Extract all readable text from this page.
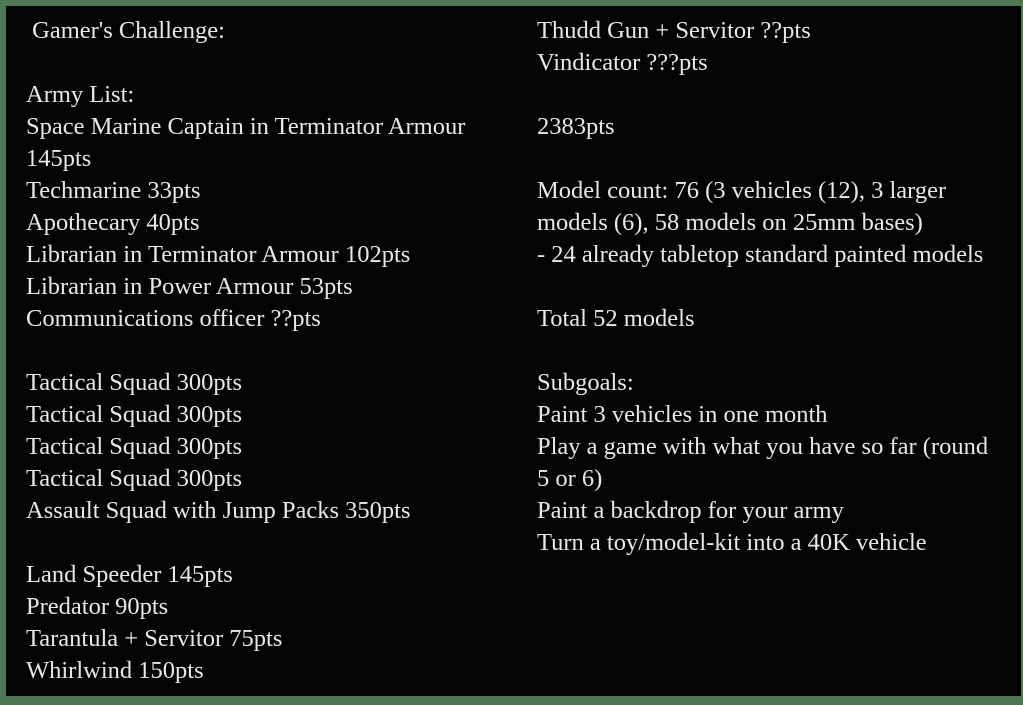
Gamer's Challenge:

Army List:
Space Marine Captain in Terminator Armour
145pts
Techmarine 33pts
Apothecary 40pts
Librarian in Terminator Armour 102pts
Librarian in Power Armour 53pts
Communications officer ??pts

Tactical Squad 300pts
Tactical Squad 300pts
Tactical Squad 300pts
Tactical Squad 300pts
Assault Squad with Jump Packs 350pts

Land Speeder 145pts
Predator 90pts
Tarantula + Servitor 75pts
Whirlwind 150pts
Thudd Gun + Servitor ??pts
Vindicator ???pts

2383pts

Model count: 76 (3 vehicles (12), 3 larger
models (6), 58 models on 25mm bases)
- 24 already tabletop standard painted models

Total 52 models

Subgoals:
Paint 3 vehicles in one month
Play a game with what you have so far (round
5 or 6)
Paint a backdrop for your army
Turn a toy/model-kit into a 40K vehicle
